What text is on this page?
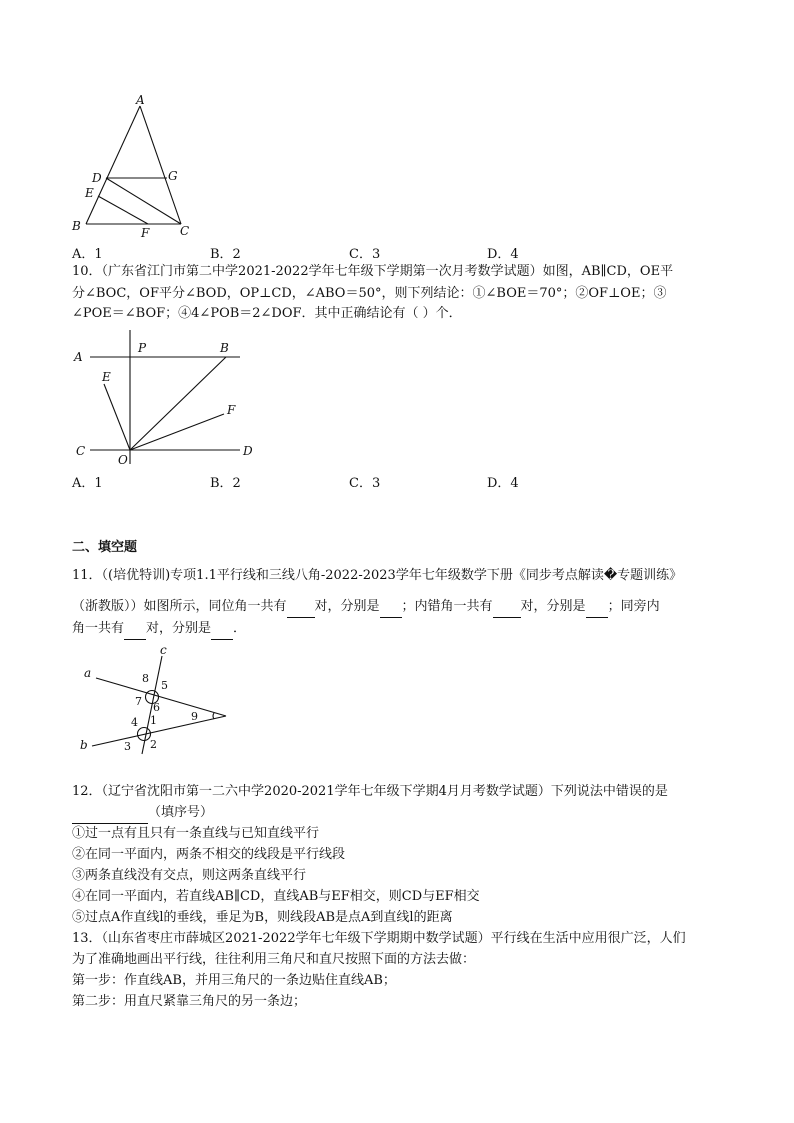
A
D	G
E
B	F	C
A．1	B．2	C．3	D．4
10．（广东省江门市第二中学2021-2022学年七年级下学期第一次月考数学试题）如图，AB∥CD，OE平
分∠BOC，OF平分∠BOD，OP⊥CD，∠ABO＝50°，则下列结论：①∠BOE＝70°；②OF⊥OE；③
∠POE＝∠BOF；④4∠POB＝2∠DOF．其中正确结论有（ ）个．
A
P	B
E
F
C
O
D
A．1	B．2	C．3	D．4
二、填空题
11．（(培优特训)专项1.1平行线和三线八角-2022-2023学年七年级数学下册《同步考点解读�专题训练》
（浙教版））如图所示，同位角一共有 对，分别是 ；内错角一共有 对，分别是 ；同旁内
角一共有 对，分别是 ．
a
c
b
8
5
7 6
4 1	9
3 2
12．（辽宁省沈阳市第一二六中学2020-2021学年七年级下学期4月月考数学试题）下列说法中错误的是
（填序号）
①过一点有且只有一条直线与已知直线平行
②在同一平面内，两条不相交的线段是平行线段
③两条直线没有交点，则这两条直线平行
④在同一平面内，若直线AB∥CD，直线AB与EF相交，则CD与EF相交
⑤过点A作直线l的垂线，垂足为B，则线段AB是点A到直线l的距离
13．（山东省枣庄市薛城区2021-2022学年七年级下学期期中数学试题）平行线在生活中应用很广泛，人们
为了准确地画出平行线，往往利用三角尺和直尺按照下面的方法去做：
第一步：作直线AB，并用三角尺的一条边贴住直线AB；
第二步：用直尺紧靠三角尺的另一条边；
